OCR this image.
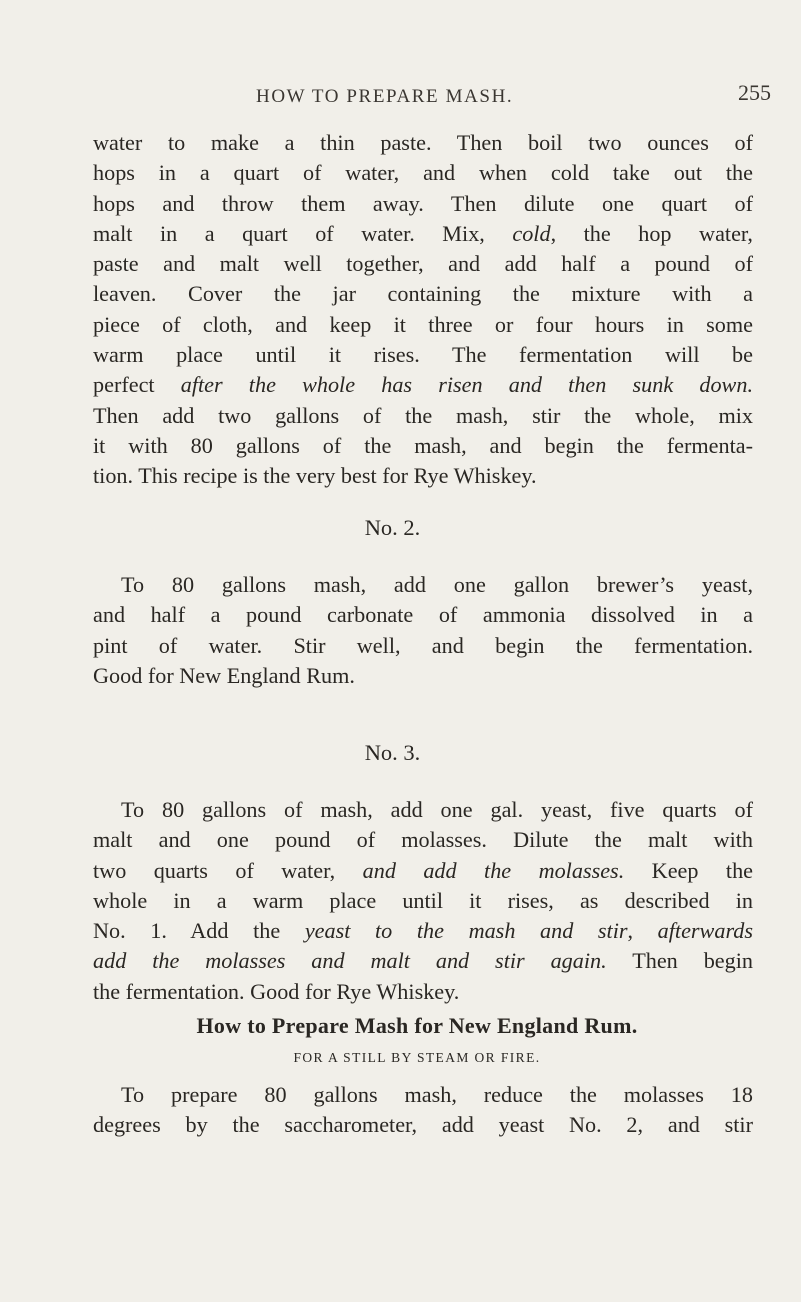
HOW TO PREPARE MASH.	255
water to make a thin paste. Then boil two ounces of
hops in a quart of water, and when cold take out the
hops and throw them away. Then dilute one quart of
malt in a quart of water. Mix, cold, the hop water,
paste and malt well together, and add half a pound of
leaven. Cover the jar containing the mixture with a
piece of cloth, and keep it three or four hours in some
warm place until it rises. The fermentation will be
perfect after the whole has risen and then sunk down.
Then add two gallons of the mash, stir the whole, mix
it with 80 gallons of the mash, and begin the fermenta-
tion. This recipe is the very best for Rye Whiskey.
No. 2.
To 80 gallons mash, add one gallon brewer’s yeast,
and half a pound carbonate of ammonia dissolved in a
pint of water. Stir well, and begin the fermentation.
Good for New England Rum.
No. 3.
To 80 gallons of mash, add one gal. yeast, five quarts of
malt and one pound of molasses. Dilute the malt with
two quarts of water, and add the molasses. Keep the
whole in a warm place until it rises, as described in
No. 1. Add the yeast to the mash and stir, afterwards
add the molasses and malt and stir again. Then begin
the fermentation. Good for Rye Whiskey.
How to Prepare Mash for New England Rum.
FOR A STILL BY STEAM OR FIRE.
To prepare 80 gallons mash, reduce the molasses 18
degrees by the saccharometer, add yeast No. 2, and stir
